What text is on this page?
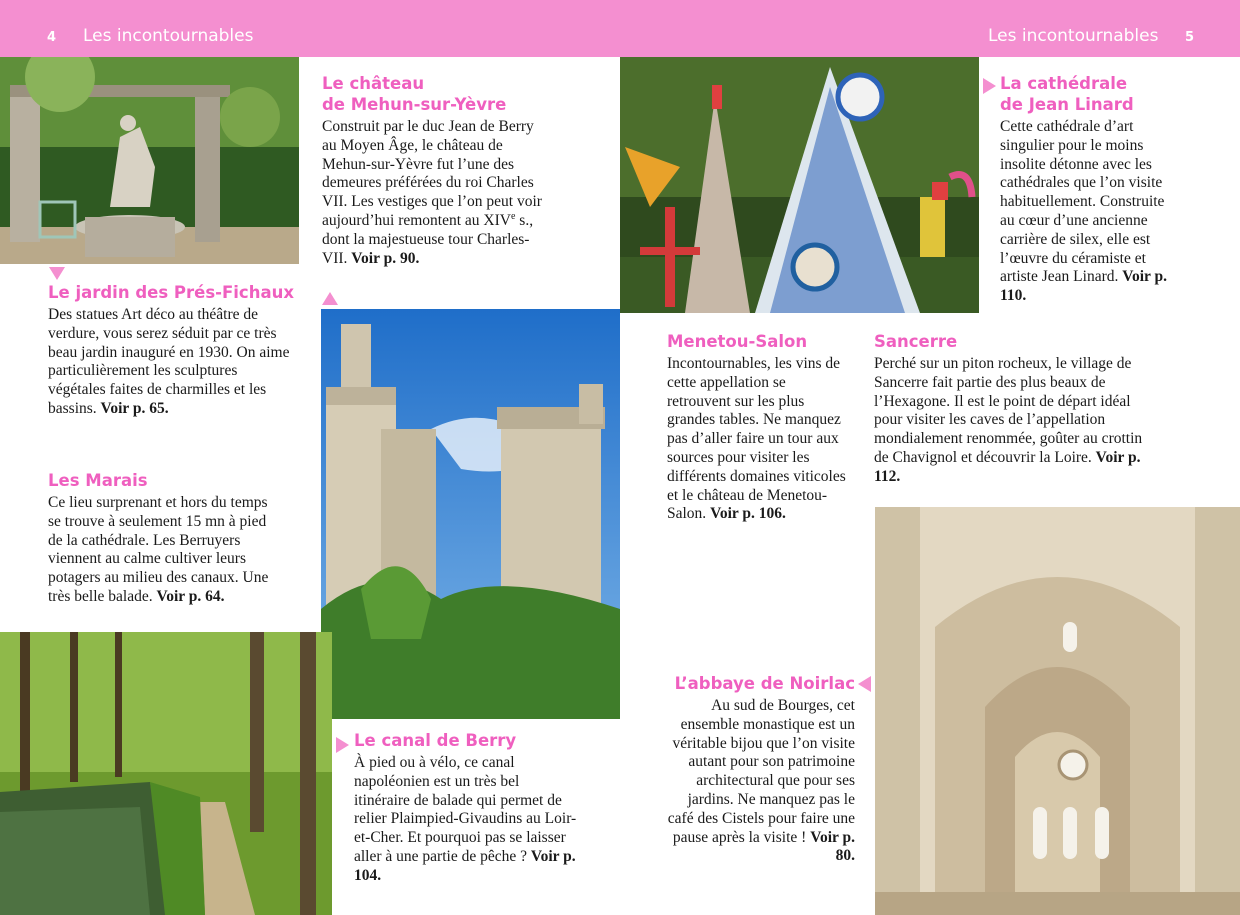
4 Les incontournables	Les incontournables 5
Le château
de Mehun-sur-Yèvre

Construit par le duc Jean de Berry au Moyen Âge, le château de Mehun-sur-Yèvre fut l’une des demeures préférées du roi Charles VII. Les vestiges que l’on peut voir aujourd’hui remontent au XIVe s., dont la majestueuse tour Charles-VII. Voir p. 90.

Le jardin des Prés-Fichaux

Des statues Art déco au théâtre de verdure, vous serez séduit par ce très beau jardin inauguré en 1930. On aime particulièrement les sculptures végétales faites de charmilles et les bassins. Voir p. 65.

Les Marais

Ce lieu surprenant et hors du temps se trouve à seulement 15 mn à pied de la cathédrale. Les Berruyers viennent au calme cultiver leurs potagers au milieu des canaux. Une très belle balade. Voir p. 64.

Le canal de Berry

À pied ou à vélo, ce canal napoléonien est un très bel itinéraire de balade qui permet de relier Plaimpied-Givaudins au Loir-et-Cher. Et pourquoi pas se laisser aller à une partie de pêche ? Voir p. 104.

La cathédrale
de Jean Linard

Cette cathédrale d’art singulier pour le moins insolite détonne avec les cathédrales que l’on visite habituellement. Construite au cœur d’une ancienne carrière de silex, elle est l’œuvre du céramiste et artiste Jean Linard. Voir p. 110.

Menetou-Salon

Incontournables, les vins de cette appellation se retrouvent sur les plus grandes tables. Ne manquez pas d’aller faire un tour aux sources pour visiter les différents domaines viticoles et le château de Menetou-Salon. Voir p. 106.

Sancerre

Perché sur un piton rocheux, le village de Sancerre fait partie des plus beaux de l’Hexagone. Il est le point de départ idéal pour visiter les caves de l’appellation mondialement renommée, goûter au crottin de Chavignol et découvrir la Loire. Voir p. 112.

L’abbaye de Noirlac

Au sud de Bourges, cet ensemble monastique est un véritable bijou que l’on visite autant pour son patrimoine architectural que pour ses jardins. Ne manquez pas le café des Cistels pour faire une pause après la visite ! Voir p. 80.
